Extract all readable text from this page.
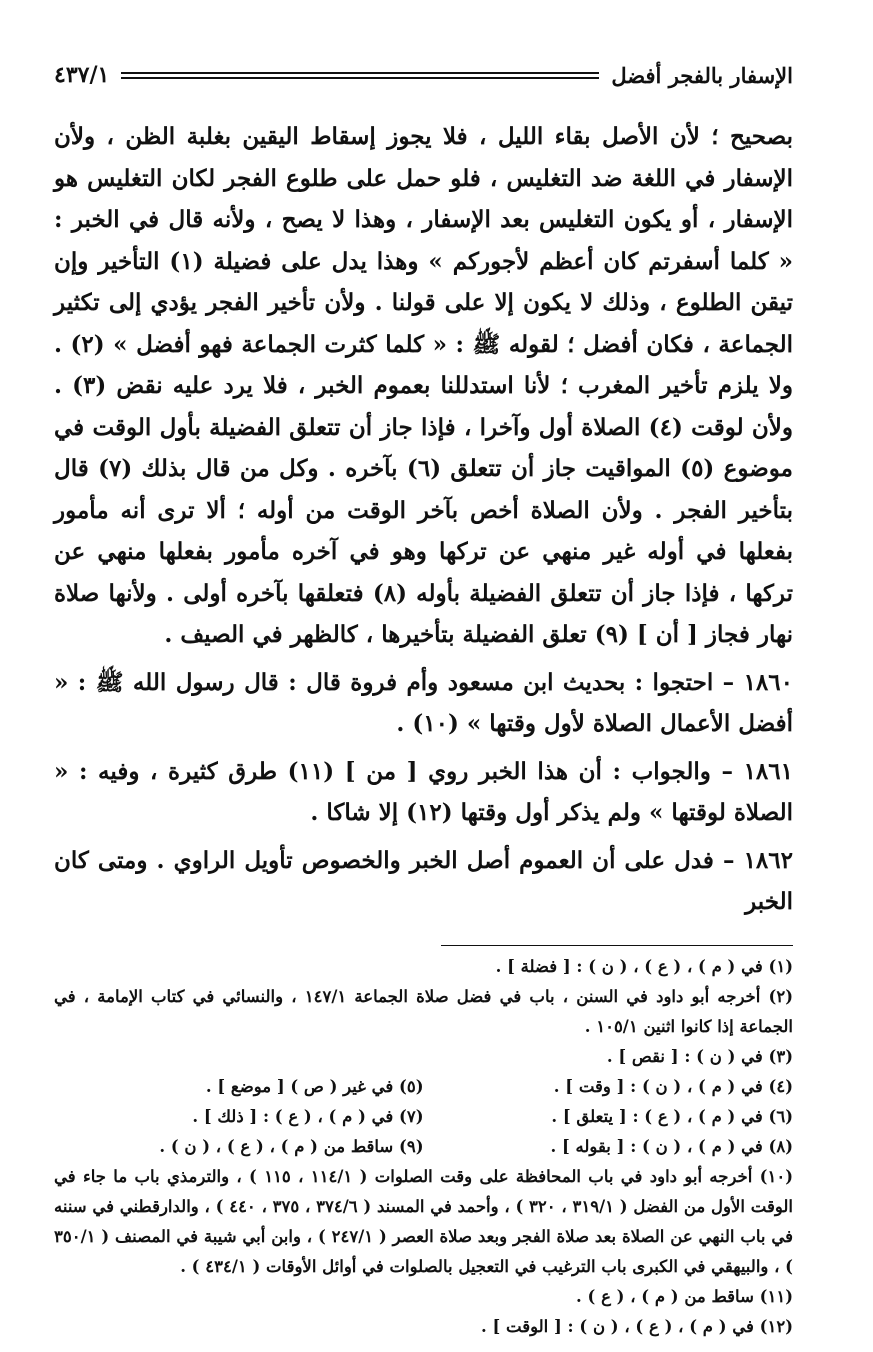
الإسفار بالفجر أفضل
٤٣٧/١

بصحيح ؛ لأن الأصل بقاء الليل ، فلا يجوز إسقاط اليقين بغلبة الظن ، ولأن الإسفار في اللغة ضد التغليس ، فلو حمل على طلوع الفجر لكان التغليس هو الإسفار ، أو يكون التغليس بعد الإسفار ، وهذا لا يصح ، ولأنه قال في الخبر : « كلما أسفرتم كان أعظم لأجوركم » وهذا يدل على فضيلة (١) التأخير وإن تيقن الطلوع ، وذلك لا يكون إلا على قولنا . ولأن تأخير الفجر يؤدي إلى تكثير الجماعة ، فكان أفضل ؛ لقوله ﷺ : « كلما كثرت الجماعة فهو أفضل » (٢) . ولا يلزم تأخير المغرب ؛ لأنا استدللنا بعموم الخبر ، فلا يرد عليه نقض (٣) . ولأن لوقت (٤) الصلاة أول وآخرا ، فإذا جاز أن تتعلق الفضيلة بأول الوقت في موضوع (٥) المواقيت جاز أن تتعلق (٦) بآخره . وكل من قال بذلك (٧) قال بتأخير الفجر . ولأن الصلاة أخص بآخر الوقت من أوله ؛ ألا ترى أنه مأمور بفعلها في أوله غير منهي عن تركها وهو في آخره مأمور بفعلها منهي عن تركها ، فإذا جاز أن تتعلق الفضيلة بأوله (٨) فتعلقها بآخره أولى . ولأنها صلاة نهار فجاز [ أن ] (٩) تعلق الفضيلة بتأخيرها ، كالظهر في الصيف .

١٨٦٠ – احتجوا : بحديث ابن مسعود وأم فروة قال : قال رسول الله ﷺ : « أفضل الأعمال الصلاة لأول وقتها » (١٠) .

١٨٦١ – والجواب : أن هذا الخبر روي [ من ] (١١) طرق كثيرة ، وفيه : « الصلاة لوقتها » ولم يذكر أول وقتها (١٢) إلا شاكا .

١٨٦٢ – فدل على أن العموم أصل الخبر والخصوص تأويل الراوي . ومتى كان الخبر

(١) في ( م ) ، ( ع ) ، ( ن ) : [ فضلة ] .
(٢) أخرجه أبو داود في السنن ، باب في فضل صلاة الجماعة ١٤٧/١ ، والنسائي في كتاب الإمامة ، في الجماعة إذا كانوا اثنين ١٠٥/١ .
(٣) في ( ن ) : [ نقص ] .
(٤) في ( م ) ، ( ن ) : [ وقت ] .
(٥) في غير ( ص ) [ موضع ] .
(٦) في ( م ) ، ( ع ) : [ يتعلق ] .
(٧) في ( م ) ، ( ع ) : [ ذلك ] .
(٨) في ( م ) ، ( ن ) : [ بقوله ] .
(٩) ساقط من ( م ) ، ( ع ) ، ( ن ) .
(١٠) أخرجه أبو داود في باب المحافظة على وقت الصلوات ( ١١٤/١ ، ١١٥ ) ، والترمذي باب ما جاء في الوقت الأول من الفضل ( ٣١٩/١ ، ٣٢٠ ) ، وأحمد في المسند ( ٣٧٤/٦ ، ٣٧٥ ، ٤٤٠ ) ، والدارقطني في سننه في باب النهي عن الصلاة بعد صلاة الفجر وبعد صلاة العصر ( ٢٤٧/١ ) ، وابن أبي شيبة في المصنف ( ٣٥٠/١ ) ، والبيهقي في الكبرى باب الترغيب في التعجيل بالصلوات في أوائل الأوقات ( ٤٣٤/١ ) .
(١١) ساقط من ( م ) ، ( ع ) .
(١٢) في ( م ) ، ( ع ) ، ( ن ) : [ الوقت ] .
